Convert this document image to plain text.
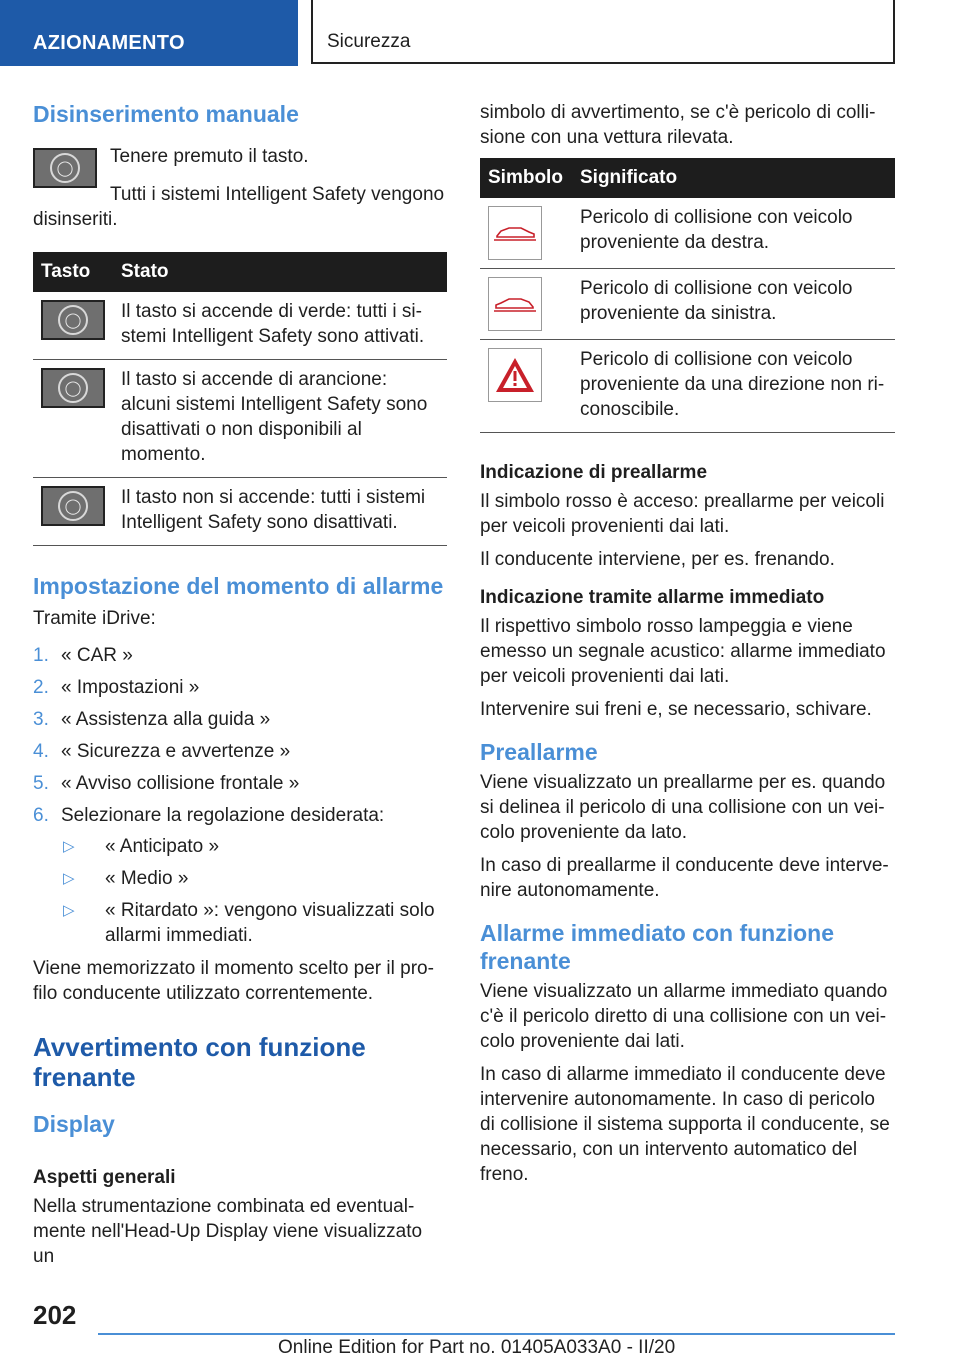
AZIONAMENTO	Sicurezza
Disinserimento manuale
◯

Tenere premuto il tasto.

Tutti i sistemi Intelligent Safety vengono disinseriti.

Tasto	Stato

◯	Il tasto si accende di verde: tutti i sistemi Intelligent Safety sono attivati.

◯	Il tasto si accende di arancione: alcuni sistemi Intelligent Safety sono disattivati o non disponibili al momento.

◯	Il tasto non si accende: tutti i sistemi Intelligent Safety sono disattivati.
Impostazione del momento di allarme

Tramite iDrive:

1. « CAR »
2. « Impostazioni »
3. « Assistenza alla guida »
4. « Sicurezza e avvertenze »
5. « Avviso collisione frontale »
6. Selezionare la regolazione desiderata:
▷	« Anticipato »
▷	« Medio »
▷	« Ritardato »: vengono visualizzati solo allarmi immediati.

Viene memorizzato il momento scelto per il profilo conducente utilizzato correntemente.

Avvertimento con funzione frenante
Display
Aspetti generali

Nella strumentazione combinata ed eventualmente nell'Head-Up Display viene visualizzato un

simbolo di avvertimento, se c'è pericolo di collisione con una vettura rilevata.

Simbolo	Significato

	Pericolo di collisione con veicolo proveniente da destra.

	Pericolo di collisione con veicolo proveniente da sinistra.

	Pericolo di collisione con veicolo proveniente da una direzione non riconoscibile.
Indicazione di preallarme

Il simbolo rosso è acceso: preallarme per veicoli per veicoli provenienti dai lati.

Il conducente interviene, per es. frenando.

Indicazione tramite allarme immediato

Il rispettivo simbolo rosso lampeggia e viene emesso un segnale acustico: allarme immediato per veicoli provenienti dai lati.

Intervenire sui freni e, se necessario, schivare.

Preallarme

Viene visualizzato un preallarme per es. quando si delinea il pericolo di una collisione con un veicolo proveniente da lato.

In caso di preallarme il conducente deve intervenire autonomamente.

Allarme immediato con funzione frenante

Viene visualizzato un allarme immediato quando c'è il pericolo diretto di una collisione con un veicolo proveniente dai lati.

In caso di allarme immediato il conducente deve intervenire autonomamente. In caso di pericolo di collisione il sistema supporta il conducente, se necessario, con un intervento automatico del freno.

202
Online Edition for Part no. 01405A033A0 - II/20
